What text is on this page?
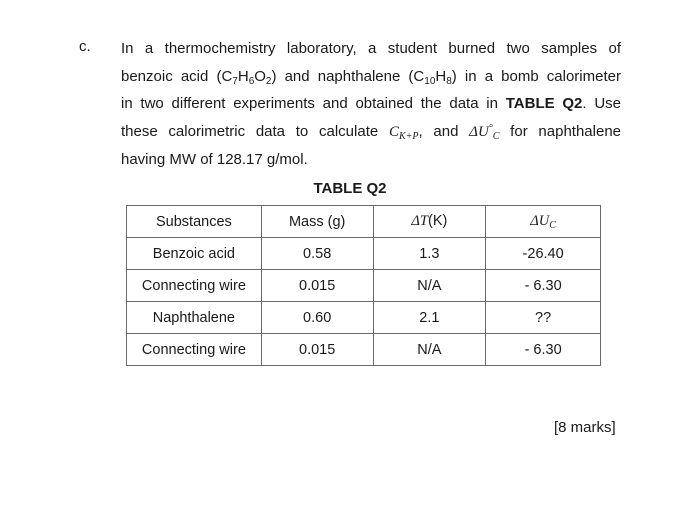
c. In a thermochemistry laboratory, a student burned two samples of
benzoic acid $(C_7H_6O_2)$ and naphthalene $(C_{10}H_8)$ in a bomb calorimeter
in two different experiments and obtained the data in TABLE Q2. Use
these calorimetric data to calculate $C_{K+P}$, and $\Delta U^\circ_C$ for naphthalene
having MW of 128.17 g/mol.
TABLE Q2
Substances	Mass (g)	ΔT(K)	$\Delta U_C$
Benzoic acid	0.58	1.3	-26.40
Connecting wire	0.015	N/A	- 6.30
Naphthalene	0.60	2.1	??
Connecting wire	0.015	N/A	- 6.30
[8 marks]
